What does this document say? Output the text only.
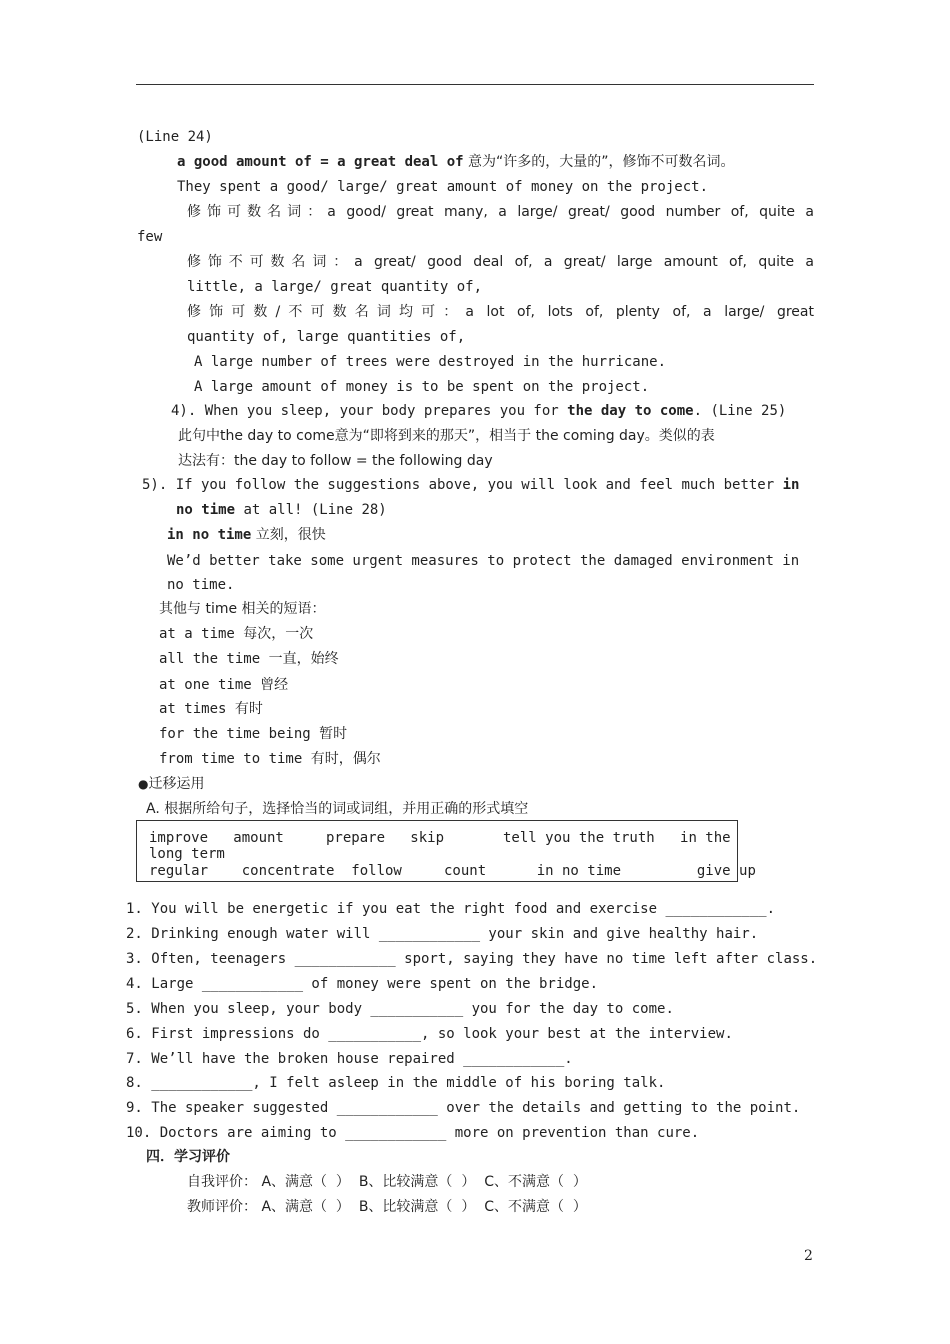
(Line 24)
a good amount of = a great deal of 意为“许多的，大量的”，修饰不可数名词。
They spent a good/ large/ great amount of money on the project.
修饰可数名词：a good/ great many, a large/ great/ good number of, quite a
few
修饰不可数名词：a great/ good deal of, a great/ large amount of, quite a
little, a large/ great quantity of,
修饰可数/不可数名词均可：a lot of, lots of, plenty of, a large/ great
quantity of, large quantities of,
A large number of trees were destroyed in the hurricane.
A large amount of money is to be spent on the project.
4). When you sleep, your body prepares you for the day to come. (Line 25)
此句中the day to come意为“即将到来的那天”，相当于 the coming day。类似的表
达法有：the day to follow = the following day
5). If you follow the suggestions above, you will look and feel much better in
no time at all! (Line 28)
in no time 立刻，很快
We’d better take some urgent measures to protect the damaged environment in
no time.
其他与 time 相关的短语：
at a time 每次，一次
all the time 一直，始终
at one time 曾经
at times 有时
for the time being 暂时
from time to time 有时，偶尔
●迁移运用
A. 根据所给句子，选择恰当的词或词组，并用正确的形式填空
improve   amount     prepare   skip       tell you the truth   in the
long term
regular    concentrate  follow     count      in no time         give up
1. You will be energetic if you eat the right food and exercise ____________.
2. Drinking enough water will ____________ your skin and give healthy hair.
3. Often, teenagers ____________ sport, saying they have no time left after class.
4. Large ____________ of money were spent on the bridge.
5. When you sleep, your body ___________ you for the day to come.
6. First impressions do ___________, so look your best at the interview.
7. We’ll have the broken house repaired ____________.
8. ____________, I felt asleep in the middle of his boring talk.
9. The speaker suggested ____________ over the details and getting to the point.
10. Doctors are aiming to ____________ more on prevention than cure.
四．学习评价
自我评价： A、满意（  ）  B、比较满意（  ）  C、不满意（  ）
教师评价： A、满意（  ）  B、比较满意（  ）  C、不满意（  ）
2
